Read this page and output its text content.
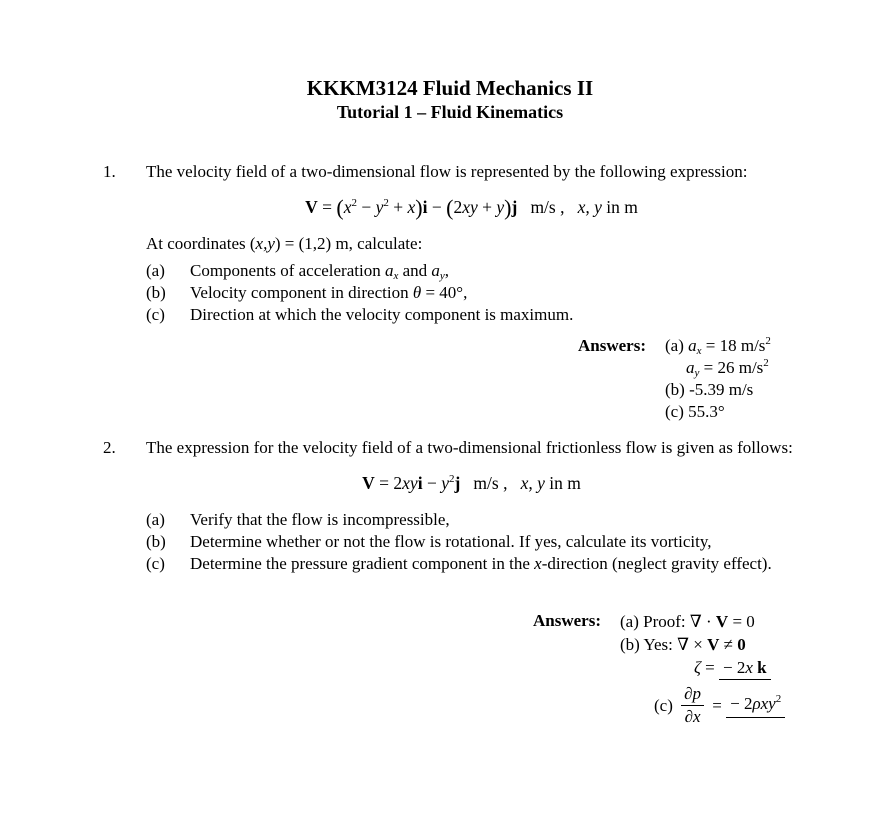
KKKM3124 Fluid Mechanics II
Tutorial 1 – Fluid Kinematics
1.	The velocity field of a two-dimensional flow is represented by the following expression:
$V = (x^2 - y^2 + x)i - (2xy + y)j$   m/s ,   x, y in m
At coordinates (x,y) = (1,2) m, calculate:
(a)	Components of acceleration ax and ay,
(b)	Velocity component in direction θ = 40°,
(c)	Direction at which the velocity component is maximum.
Answers: (a) ax = 18 $m/s^2$
ay = 26 $m/s^2$
(b) -5.39 m/s
(c) 55.3°
2.	The expression for the velocity field of a two-dimensional frictionless flow is given as follows:
$V = 2xyi - y^2j$   m/s ,   x, y in m
(a)	Verify that the flow is incompressible,
(b)	Determine whether or not the flow is rotational. If yes, calculate its vorticity,
(c)	Determine the pressure gradient component in the x-direction (neglect gravity effect).
Answers: (a) Proof: ∇ · V = 0
(b) Yes: ∇ × V ≠ 0
ζ = − 2x k
$(c) \frac{\partial p}{\partial x}$ = − 2ρxy$^2$
